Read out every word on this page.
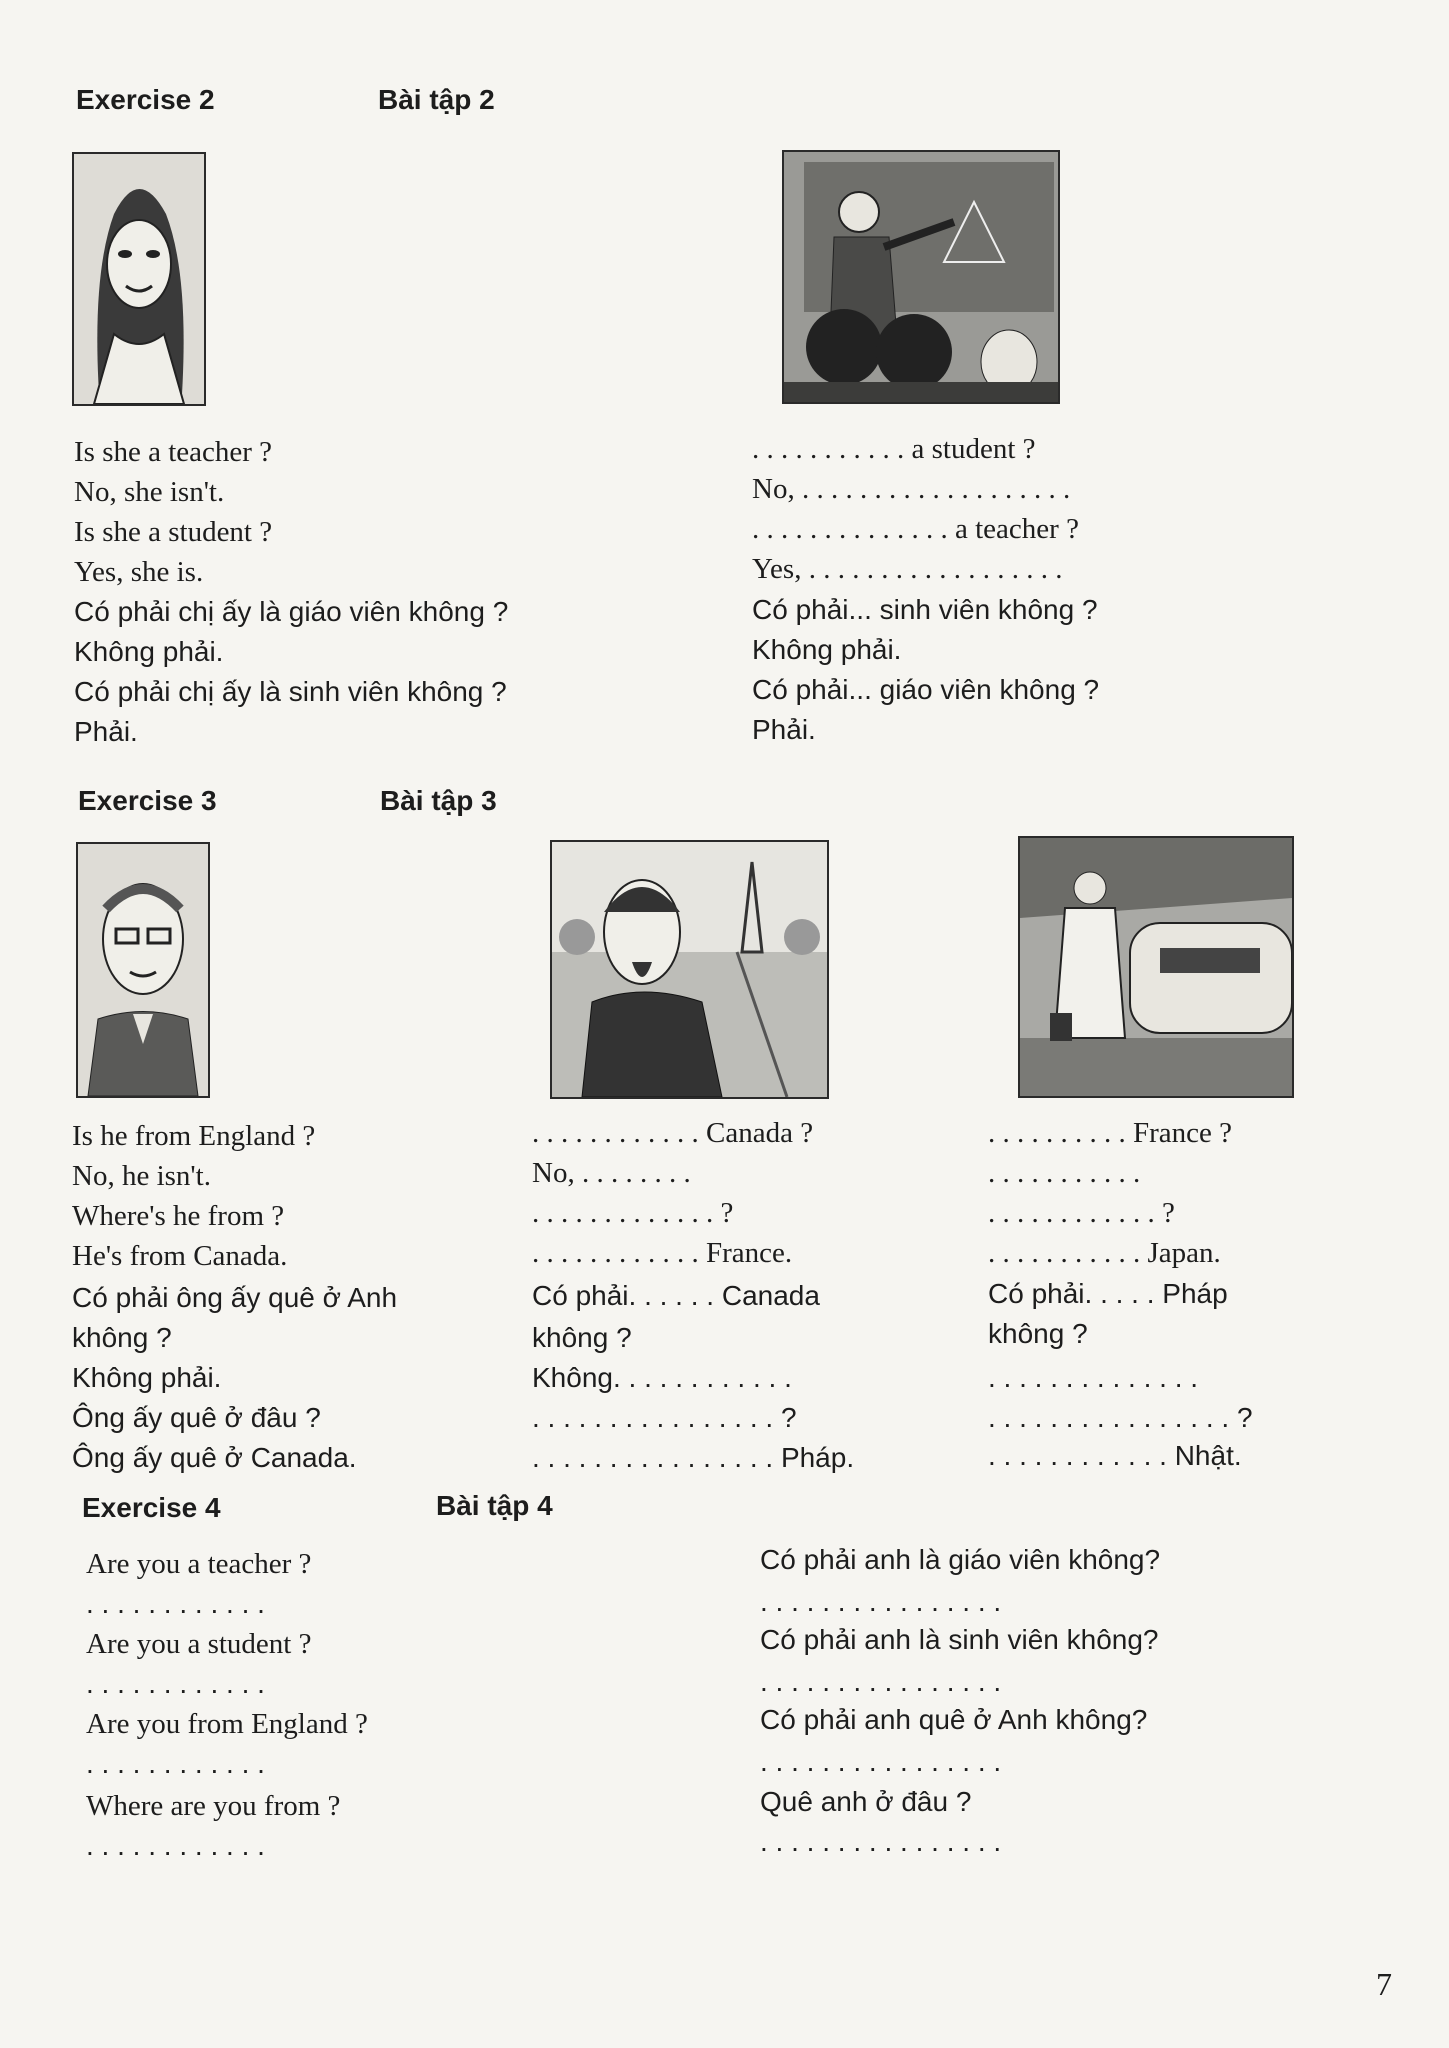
Exercise 2	Bài tập 2
Is she a teacher ?
No, she isn't.
Is she a student ?
Yes, she is.
Có phải chị ấy là giáo viên không ?
Không phải.
Có phải chị ấy là sinh viên không ?
Phải.
. . . . . . . . . . . a student ?
No, . . . . . . . . . . . . . . . . . . .
. . . . . . . . . . . . . . a teacher ?
Yes, . . . . . . . . . . . . . . . . . .
Có phải... sinh viên không ?
Không phải.
Có phải... giáo viên không ?
Phải.
Exercise 3	Bài tập 3
Is he from England ?
No, he isn't.
Where's he from ?
He's from Canada.
Có phải ông ấy quê ở Anh
không ?
Không phải.
Ông ấy quê ở đâu ?
Ông ấy quê ở Canada.
. . . . . . . . . . . . Canada ?
No, . . . . . . . .
. . . . . . . . . . . . . ?
. . . . . . . . . . . . France.
Có phải. . . . . . Canada
không ?
Không. . . . . . . . . . . .
. . . . . . . . . . . . . . . . ?
. . . . . . . . . . . . . . . . Pháp.
. . . . . . . . . . France ?
. . . . . . . . . . .
. . . . . . . . . . . . ?
. . . . . . . . . . . Japan.
Có phải. . . . . Pháp
không ?
. . . . . . . . . . . . . .
. . . . . . . . . . . . . . . . ?
. . . . . . . . . . . . Nhật.
Exercise 4	Bài tập 4
Are you a teacher ?
. . . . . . . . . . . .
Are you a student ?
. . . . . . . . . . . .
Are you from England ?
. . . . . . . . . . . .
Where are you from ?
. . . . . . . . . . . .
Có phải anh là giáo viên không?
. . . . . . . . . . . . . . . .
Có phải anh là sinh viên không?
. . . . . . . . . . . . . . . .
Có phải anh quê ở Anh không?
. . . . . . . . . . . . . . . .
Quê anh ở đâu ?
. . . . . . . . . . . . . . . .
7
